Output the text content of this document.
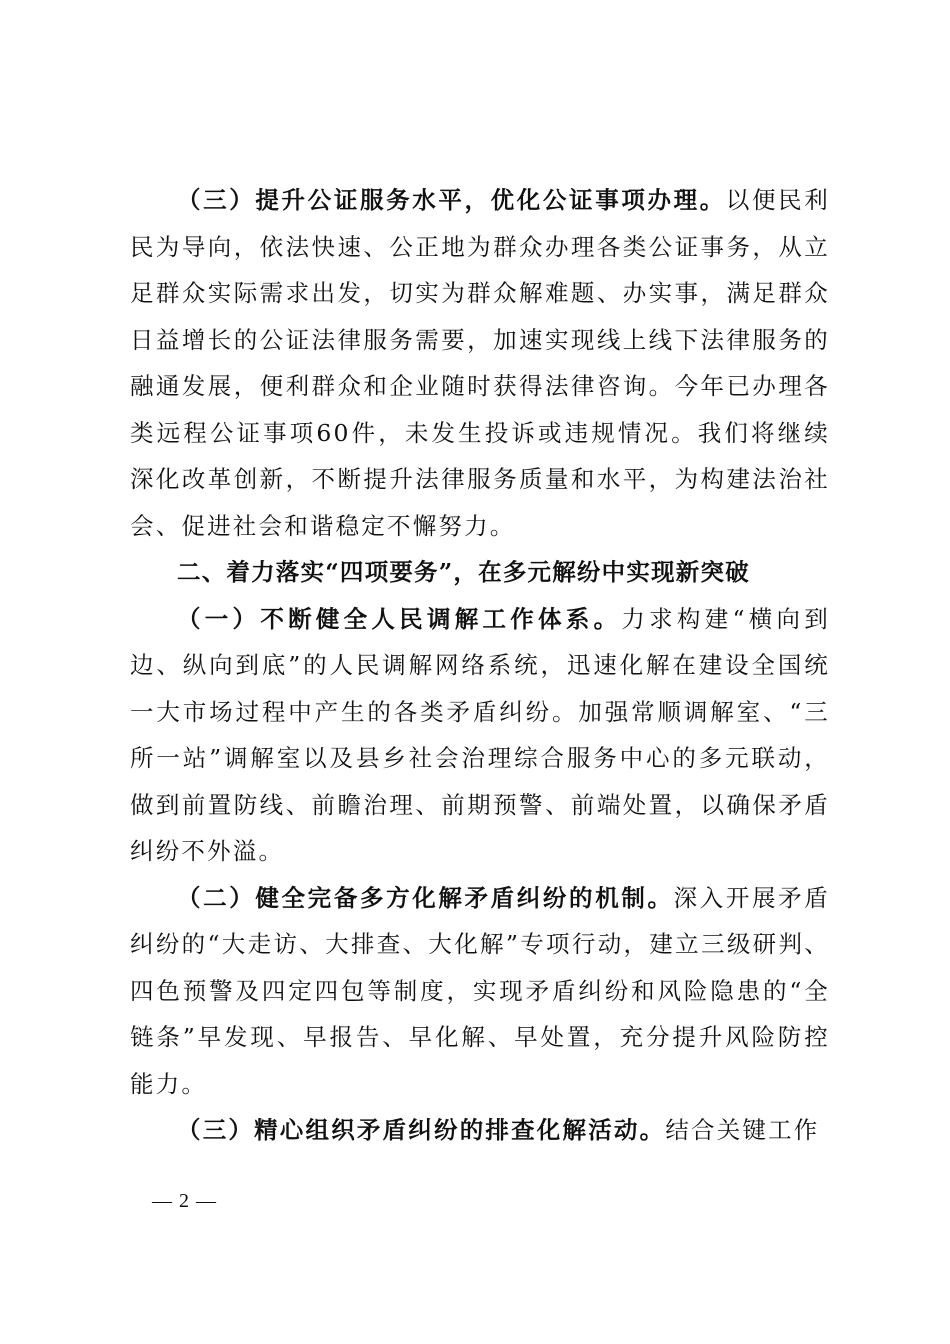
（三）提升公证服务水平，优化公证事项办理。以便民利民为导向，依法快速、公正地为群众办理各类公证事务，从立足群众实际需求出发，切实为群众解难题、办实事，满足群众日益增长的公证法律服务需要，加速实现线上线下法律服务的融通发展，便利群众和企业随时获得法律咨询。今年已办理各类远程公证事项60件，未发生投诉或违规情况。我们将继续深化改革创新，不断提升法律服务质量和水平，为构建法治社会、促进社会和谐稳定不懈努力。

二、着力落实“四项要务”，在多元解纷中实现新突破

（一）不断健全人民调解工作体系。力求构建“横向到边、纵向到底”的人民调解网络系统，迅速化解在建设全国统一大市场过程中产生的各类矛盾纠纷。加强常顺调解室、“三所一站”调解室以及县乡社会治理综合服务中心的多元联动，做到前置防线、前瞻治理、前期预警、前端处置，以确保矛盾纠纷不外溢。

（二）健全完备多方化解矛盾纠纷的机制。深入开展矛盾纠纷的“大走访、大排查、大化解”专项行动，建立三级研判、四色预警及四定四包等制度，实现矛盾纠纷和风险隐患的“全链条”早发现、早报告、早化解、早处置，充分提升风险防控能力。

（三）精心组织矛盾纠纷的排查化解活动。结合关键工作

— 2 —
